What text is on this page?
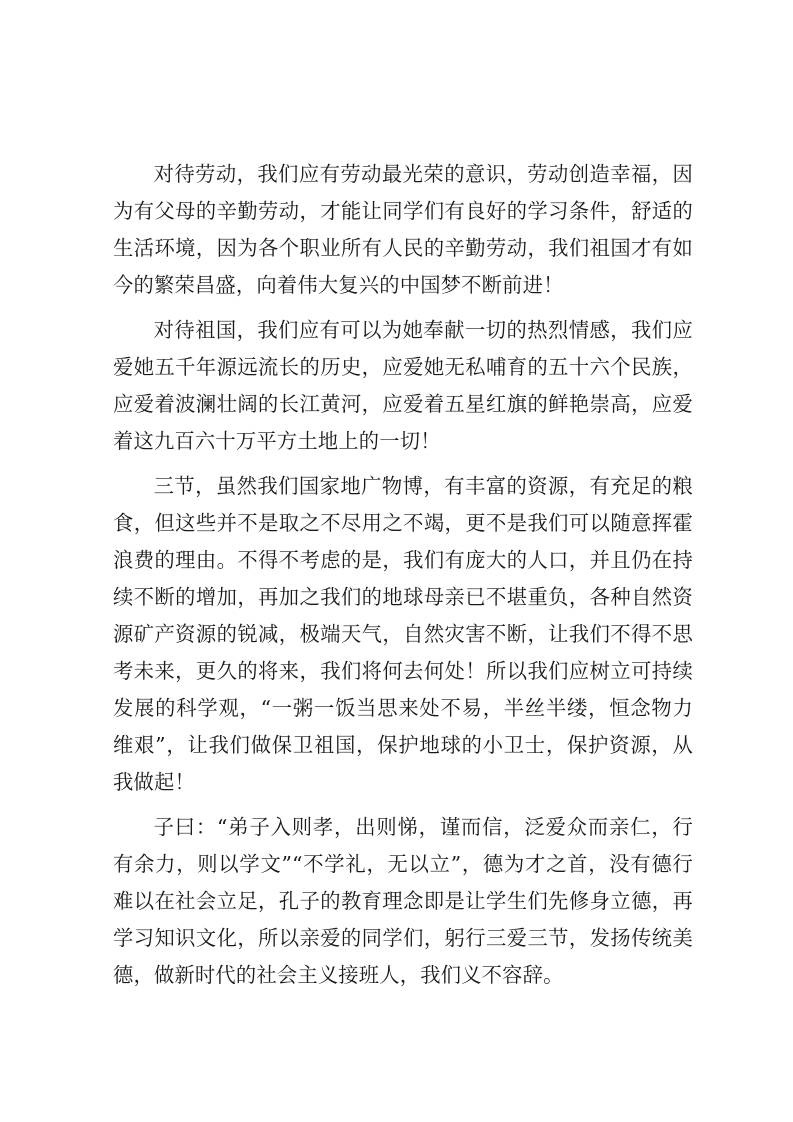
对待劳动，我们应有劳动最光荣的意识，劳动创造幸福，因为有父母的辛勤劳动，才能让同学们有良好的学习条件，舒适的生活环境，因为各个职业所有人民的辛勤劳动，我们祖国才有如今的繁荣昌盛，向着伟大复兴的中国梦不断前进！

对待祖国，我们应有可以为她奉献一切的热烈情感，我们应爱她五千年源远流长的历史，应爱她无私哺育的五十六个民族，应爱着波澜壮阔的长江黄河，应爱着五星红旗的鲜艳崇高，应爱着这九百六十万平方土地上的一切！

三节，虽然我们国家地广物博，有丰富的资源，有充足的粮食，但这些并不是取之不尽用之不竭，更不是我们可以随意挥霍浪费的理由。不得不考虑的是，我们有庞大的人口，并且仍在持续不断的增加，再加之我们的地球母亲已不堪重负，各种自然资源矿产资源的锐减，极端天气，自然灾害不断，让我们不得不思考未来，更久的将来，我们将何去何处！所以我们应树立可持续发展的科学观，“一粥一饭当思来处不易，半丝半缕，恒念物力维艰”，让我们做保卫祖国，保护地球的小卫士，保护资源，从我做起！

子曰：“弟子入则孝，出则悌，谨而信，泛爱众而亲仁，行有余力，则以学文”“不学礼，无以立”，德为才之首，没有德行难以在社会立足，孔子的教育理念即是让学生们先修身立德，再学习知识文化，所以亲爱的同学们，躬行三爱三节，发扬传统美德，做新时代的社会主义接班人，我们义不容辞。
